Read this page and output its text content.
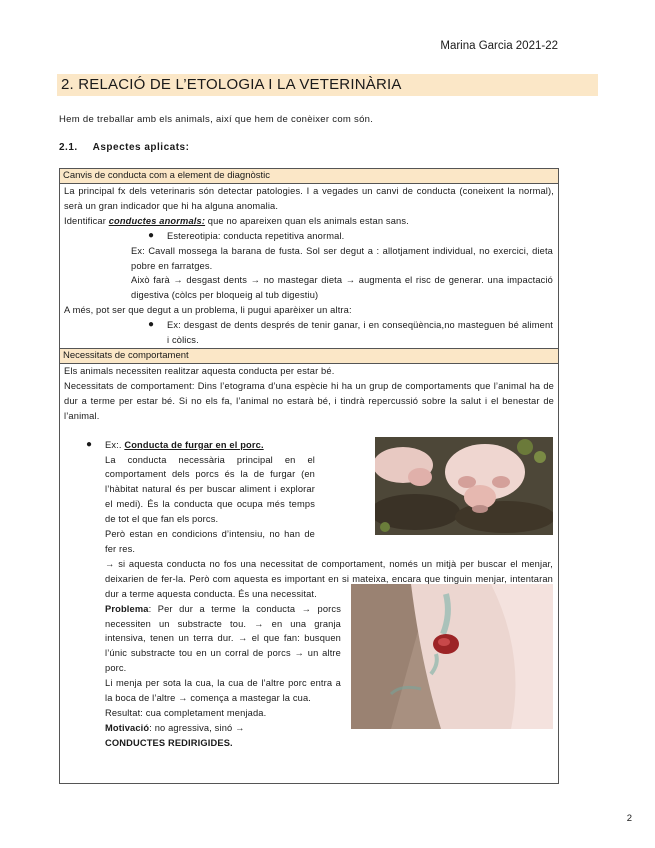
Marina Garcia 2021-22
2. RELACIÓ DE L’ETOLOGIA I LA VETERINÀRIA
Hem de treballar amb els animals, així que hem de conèixer com són.
2.1. Aspectes aplicats:
Canvis de conducta com a element de diagnòstic
La principal fx dels veterinaris són detectar patologies. I a vegades un canvi de conducta (coneixent la normal), serà un gran indicador que hi ha alguna anomalia.
Identificar conductes anormals: que no apareixen quan els animals estan sans.
● Estereotipia: conducta repetitiva anormal.
Ex: Cavall mossega la barana de fusta. Sol ser degut a : allotjament individual, no exercici, dieta pobre en farratges.
Això farà → desgast dents → no mastegar dieta → augmenta el risc de generar. una impactació digestiva (còlcs per bloqueig al tub digestiu)
A més, pot ser que degut a un problema, li pugui aparèixer un altra:
● Ex: desgast de dents després de tenir ganar, i en conseqüència,no masteguen bé aliment i còlics.
Necessitats de comportament
Els animals necessiten realitzar aquesta conducta per estar bé.
Necessitats de comportament: Dins l’etograma d’una espècie hi ha un grup de comportaments que l’animal ha de dur a terme per estar bé. Si no els fa, l’animal no estarà bé, i tindrà repercussió sobre la salut i el benestar de l’animal.
● Ex:. Conducta de furgar en el porc.
La conducta necessària principal en el comportament dels porcs és la de furgar (en l’hàbitat natural és per buscar aliment i explorar el medi). És la conducta que ocupa més temps de tot el que fan els porcs.
Però estan en condicions d’intensiu, no han de fer res.
→ si aquesta conducta no fos una necessitat de comportament, només un mitjà per buscar el menjar, deixarien de fer-la. Però com aquesta es important en si mateixa, encara que tinguin menjar, intentaran dur a terme aquesta conducta. És una necessitat.
Problema: Per dur a terme la conducta → porcs necessiten un substracte tou. → en una granja intensiva, tenen un terra dur. → el que fan: busquen l’únic substracte tou en un corral de porcs → un altre porc.
Li menja per sota la cua, la cua de l’altre porc entra a la boca de l’altre → comença a mastegar la cua.
Resultat: cua completament menjada.
Motivació: no agressiva, sinó →
CONDUCTES REDIRIGIDES.
2
